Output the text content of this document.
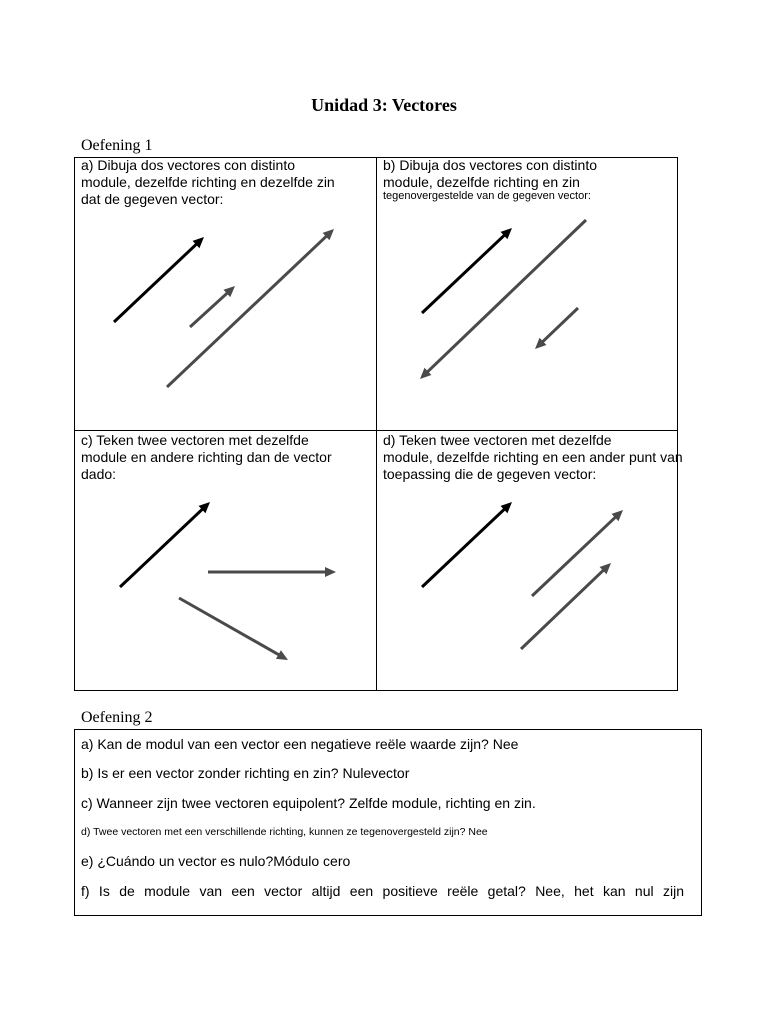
Unidad 3: Vectores
Oefening 1
a) Dibuja dos vectores con distinto
module, dezelfde richting en dezelfde zin
dat de gegeven vector:
b) Dibuja dos vectores con distinto
module, dezelfde richting en zin
tegenovergestelde van de gegeven vector:
c) Teken twee vectoren met dezelfde
module en andere richting dan de vector
dado:
d) Teken twee vectoren met dezelfde
module, dezelfde richting en een ander punt van
toepassing die de gegeven vector:
Oefening 2
a) Kan de modul van een vector een negatieve reële waarde zijn? Nee
b) Is er een vector zonder richting en zin? Nulevector
c) Wanneer zijn twee vectoren equipolent? Zelfde module, richting en zin.
d) Twee vectoren met een verschillende richting, kunnen ze tegenovergesteld zijn? Nee
e) ¿Cuándo un vector es nulo?Módulo cero
f) Is de module van een vector altijd een positieve reële getal? Nee, het kan nul zijn
